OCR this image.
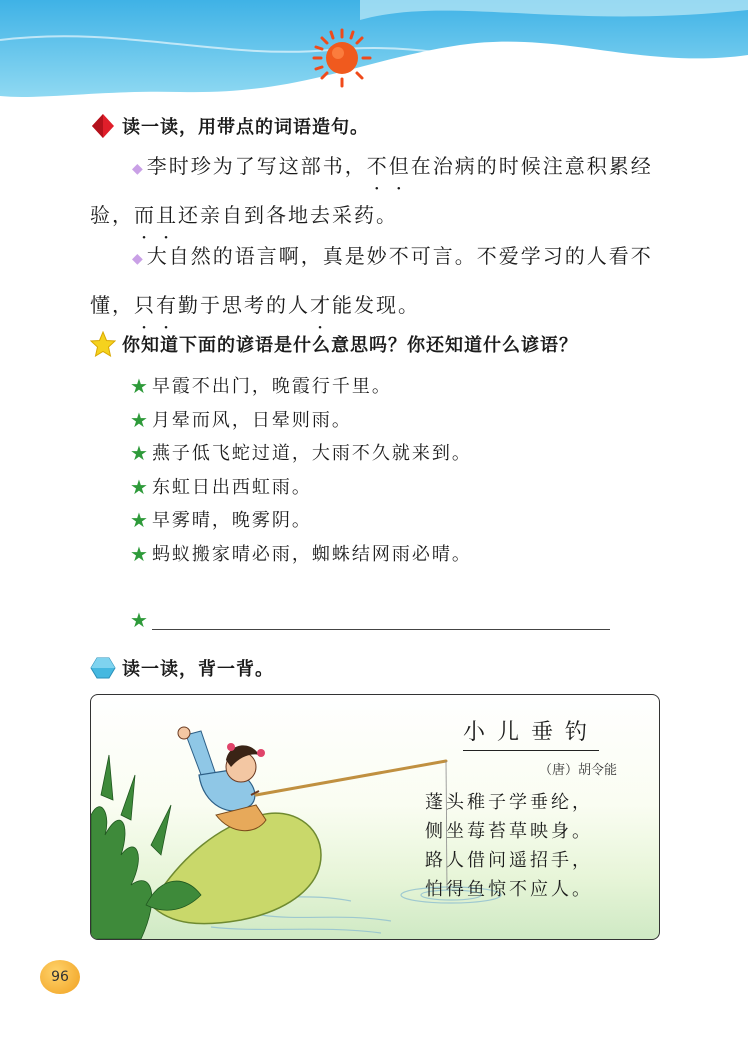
读一读，用带点的词语造句。
◆ 李时珍为了写这部书，不但在治病的时候注意积累经验，而且还亲自到各地去采药。
◆ 大自然的语言啊，真是妙不可言。不爱学习的人看不懂，只有勤于思考的人才能发现。
你知道下面的谚语是什么意思吗？你还知道什么谚语？
★ 早霞不出门，晚霞行千里。
★ 月晕而风，日晕则雨。
★ 燕子低飞蛇过道，大雨不久就来到。
★ 东虹日出西虹雨。
★ 早雾晴，晚雾阴。
★ 蚂蚁搬家晴必雨，蜘蛛结网雨必晴。
★
读一读，背一背。
小儿垂钓
（唐）胡令能
蓬头稚子学垂纶，
侧坐莓苔草映身。
路人借问遥招手，
怕得鱼惊不应人。
96
